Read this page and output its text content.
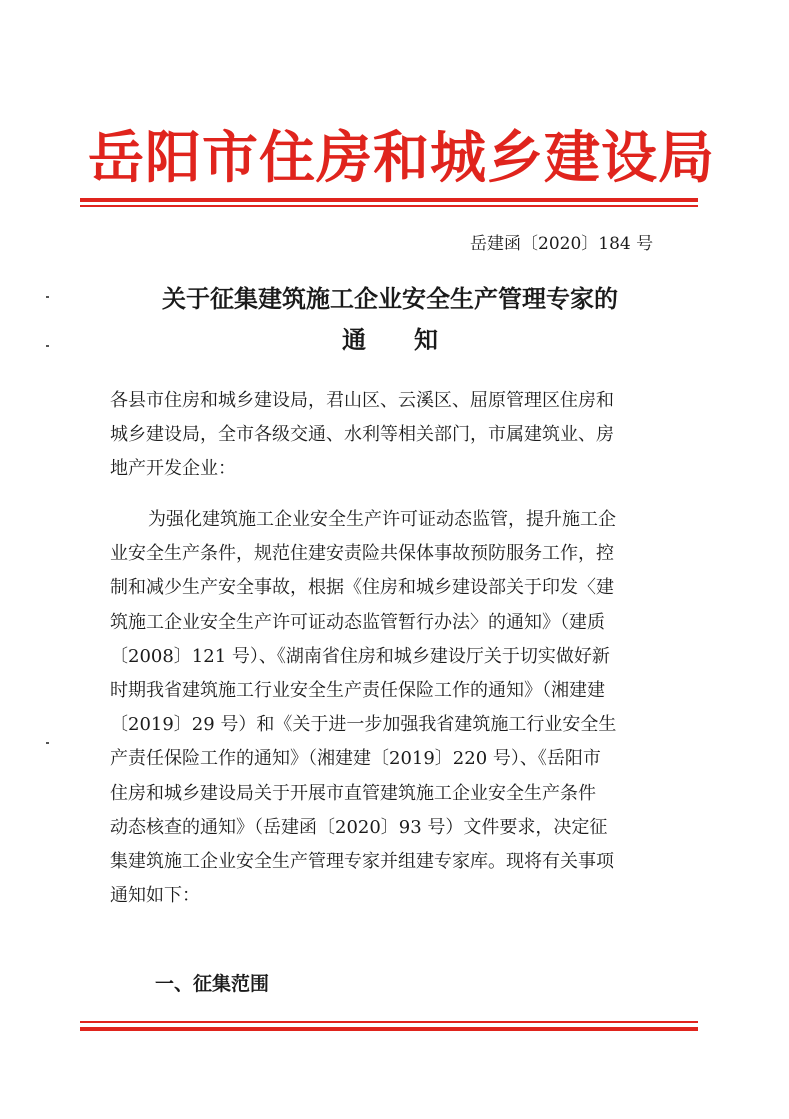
岳阳市住房和城乡建设局
岳建函〔2020〕184 号
关于征集建筑施工企业安全生产管理专家的
通　　知
各县市住房和城乡建设局，君山区、云溪区、屈原管理区住房和
城乡建设局，全市各级交通、水利等相关部门，市属建筑业、房
地产开发企业：
为强化建筑施工企业安全生产许可证动态监管，提升施工企
业安全生产条件，规范住建安责险共保体事故预防服务工作，控
制和减少生产安全事故，根据《住房和城乡建设部关于印发〈建
筑施工企业安全生产许可证动态监管暂行办法〉的通知》（建质
〔2008〕121 号）、《湖南省住房和城乡建设厅关于切实做好新
时期我省建筑施工行业安全生产责任保险工作的通知》（湘建建
〔2019〕29 号）和《关于进一步加强我省建筑施工行业安全生
产责任保险工作的通知》（湘建建〔2019〕220 号）、《岳阳市
住房和城乡建设局关于开展市直管建筑施工企业安全生产条件
动态核查的通知》（岳建函〔2020〕93 号）文件要求，决定征
集建筑施工企业安全生产管理专家并组建专家库。现将有关事项
通知如下：
一、征集范围
